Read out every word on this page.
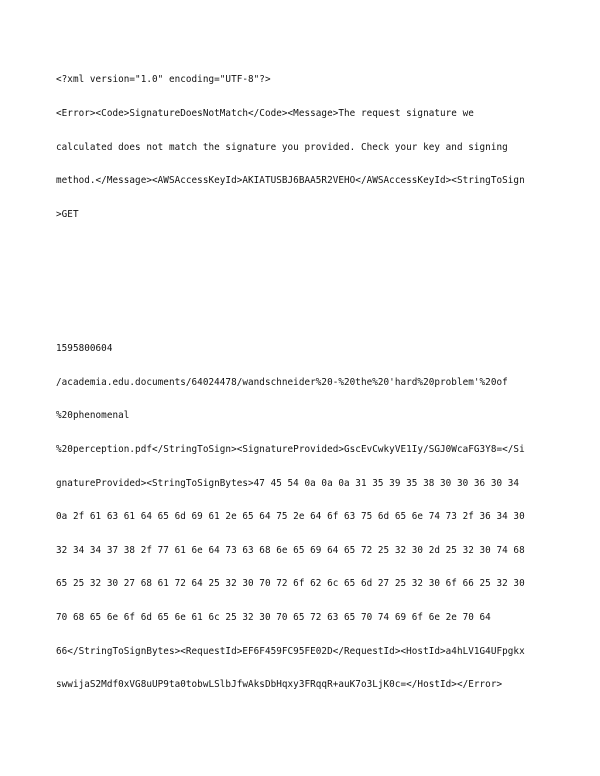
<?xml version="1.0" encoding="UTF-8"?>

<Error><Code>SignatureDoesNotMatch</Code><Message>The request signature we

calculated does not match the signature you provided. Check your key and signing

method.</Message><AWSAccessKeyId>AKIATUSBJ6BAA5R2VEHO</AWSAccessKeyId><StringToSign

>GET

1595800604

/academia.edu.documents/64024478/wandschneider%20-%20the%20'hard%20problem'%20of

%20phenomenal

%20perception.pdf</StringToSign><SignatureProvided>GscEvCwkyVE1Iy/SGJ0WcaFG3Y8=</Si

gnatureProvided><StringToSignBytes>47 45 54 0a 0a 0a 31 35 39 35 38 30 30 36 30 34

0a 2f 61 63 61 64 65 6d 69 61 2e 65 64 75 2e 64 6f 63 75 6d 65 6e 74 73 2f 36 34 30

32 34 34 37 38 2f 77 61 6e 64 73 63 68 6e 65 69 64 65 72 25 32 30 2d 25 32 30 74 68

65 25 32 30 27 68 61 72 64 25 32 30 70 72 6f 62 6c 65 6d 27 25 32 30 6f 66 25 32 30

70 68 65 6e 6f 6d 65 6e 61 6c 25 32 30 70 65 72 63 65 70 74 69 6f 6e 2e 70 64

66</StringToSignBytes><RequestId>EF6F459FC95FE02D</RequestId><HostId>a4hLV1G4UFpgkx

swwijaS2Mdf0xVG8uUP9ta0tobwLSlbJfwAksDbHqxy3FRqqR+auK7o3LjK0c=</HostId></Error>
